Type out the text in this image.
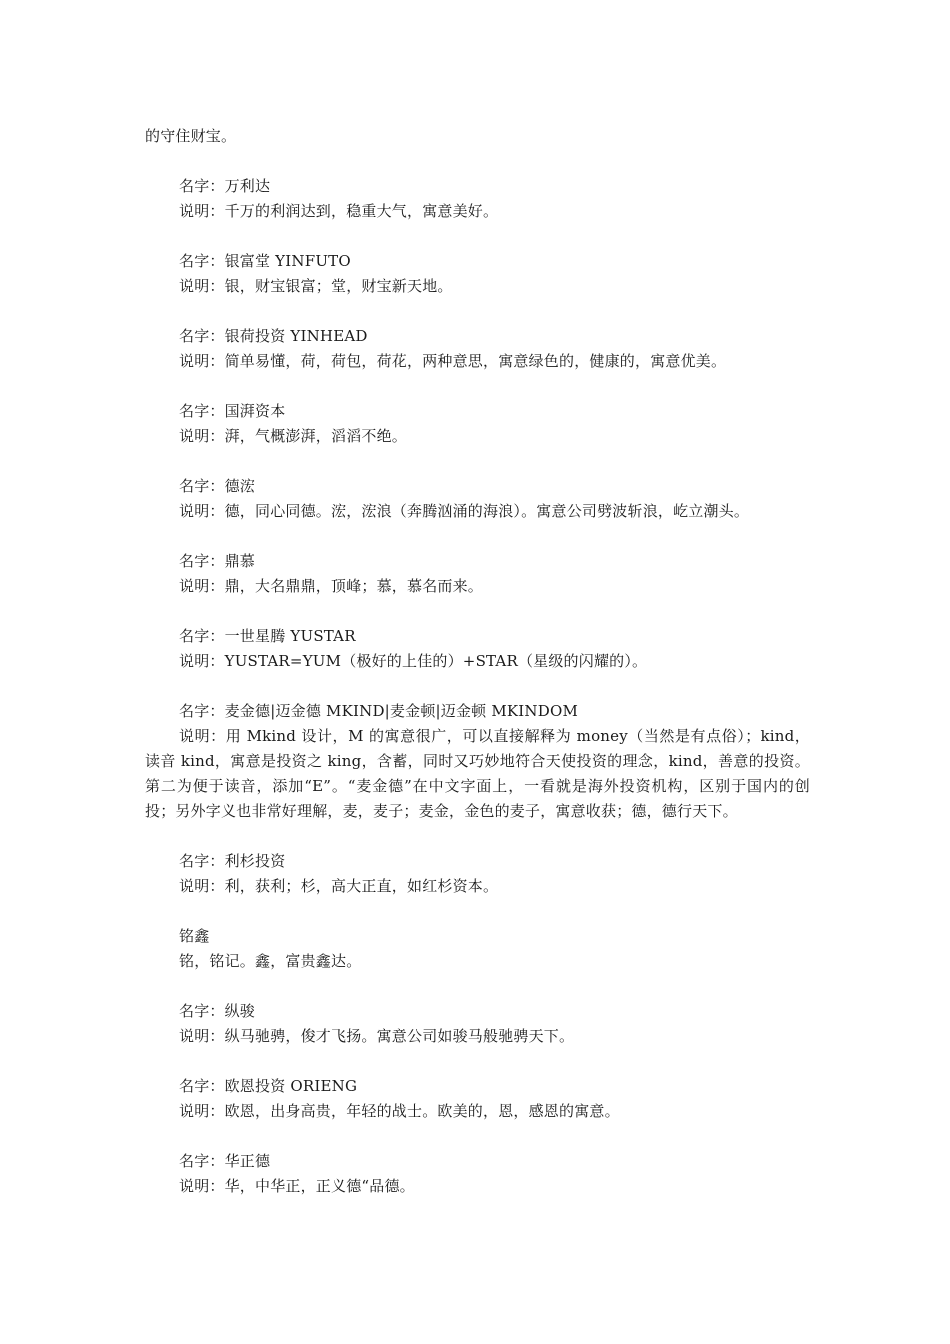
的守住财宝。

名字：万利达

说明：千万的利润达到，稳重大气，寓意美好。

名字：银富堂 YINFUTO

说明：银，财宝银富；堂，财宝新天地。

名字：银荷投资 YINHEAD

说明：简单易懂，荷，荷包，荷花，两种意思，寓意绿色的，健康的，寓意优美。

名字：国湃资本

说明：湃，气概澎湃，滔滔不绝。

名字：德浤

说明：德，同心同德。浤，浤浪（奔腾汹涌的海浪）。寓意公司劈波斩浪，屹立潮头。

名字：鼎慕

说明：鼎，大名鼎鼎，顶峰；慕，慕名而来。

名字：一世星腾 YUSTAR

说明：YUSTAR=YUM（极好的上佳的）+STAR（星级的闪耀的）。

名字：麦金德|迈金德 MKIND|麦金顿|迈金顿 MKINDOM

说明：用 Mkind 设计，M 的寓意很广，可以直接解释为 money（当然是有点俗）；kind，读音 kind，寓意是投资之 king，含蓄，同时又巧妙地符合天使投资的理念，kind，善意的投资。第二为便于读音，添加“E”。“麦金德”在中文字面上，一看就是海外投资机构，区别于国内的创投；另外字义也非常好理解，麦，麦子；麦金，金色的麦子，寓意收获；德，德行天下。

名字：利杉投资

说明：利，获利；杉，高大正直，如红杉资本。

铭鑫

铭，铭记。鑫，富贵鑫达。

名字：纵骏

说明：纵马驰骋，俊才飞扬。寓意公司如骏马般驰骋天下。

名字：欧恩投资 ORIENG

说明：欧恩，出身高贵，年轻的战士。欧美的，恩，感恩的寓意。

名字：华正德

说明：华，中华正，正义德“品德。
